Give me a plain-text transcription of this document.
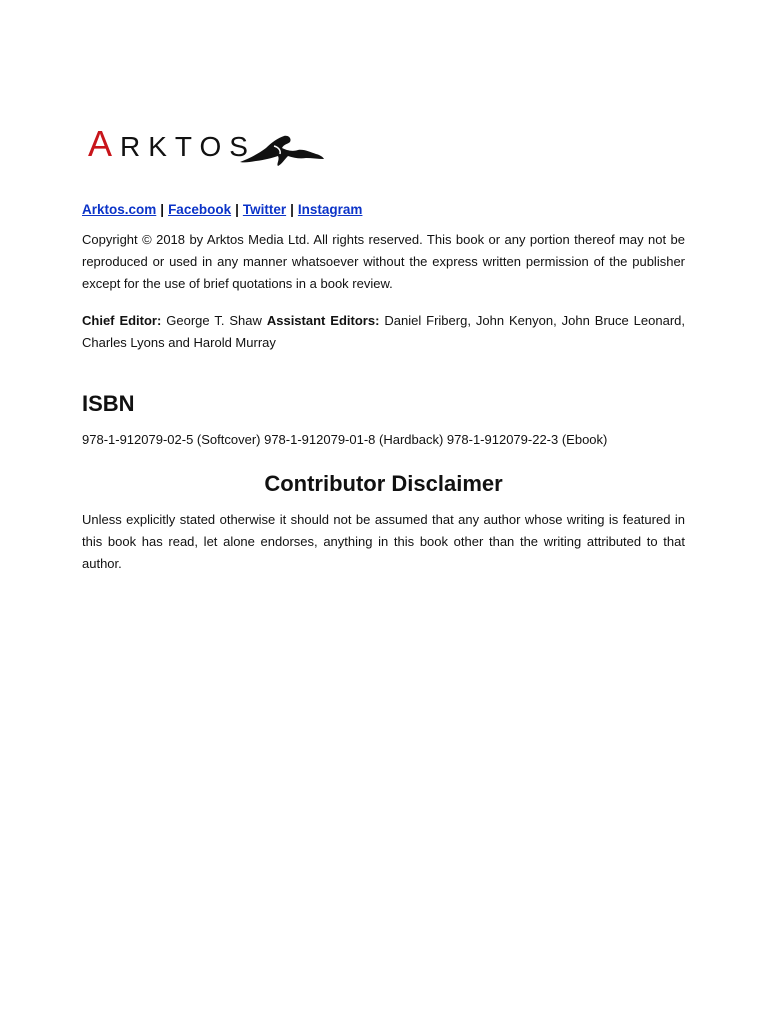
ARKTOS
Arktos.com | Facebook | Twitter | Instagram

Copyright © 2018 by Arktos Media Ltd. All rights reserved. This book or any portion thereof may not be reproduced or used in any manner whatsoever without the express written permission of the publisher except for the use of brief quotations in a book review.

Chief Editor: George T. Shaw Assistant Editors: Daniel Friberg, John Kenyon, John Bruce Leonard, Charles Lyons and Harold Murray

ISBN
978-1-912079-02-5 (Softcover) 978-1-912079-01-8 (Hardback) 978-1-912079-22-3 (Ebook)
Contributor Disclaimer

Unless explicitly stated otherwise it should not be assumed that any author whose writing is featured in this book has read, let alone endorses, anything in this book other than the writing attributed to that author.
